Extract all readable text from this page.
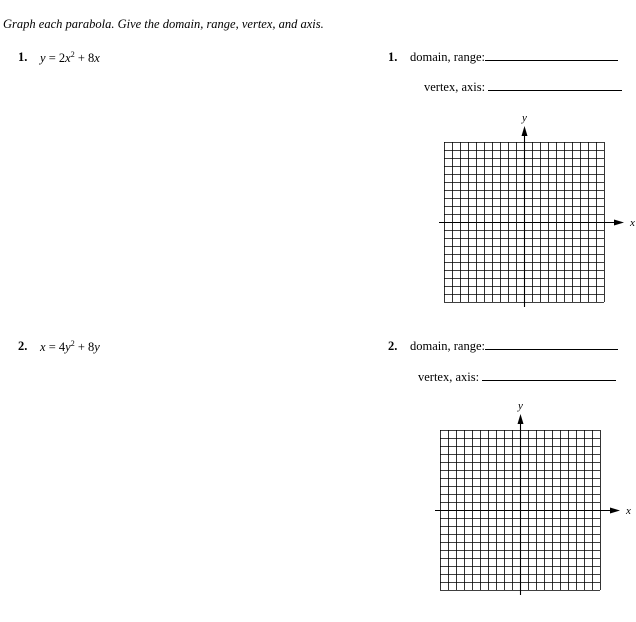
Graph each parabola. Give the domain, range, vertex, and axis.
1. $y = 2x^2 + 8x$	1. domain, range:
vertex, axis:
x
y
2. $x = 4y^2 + 8y$	2. domain, range:
vertex, axis:
x
y
